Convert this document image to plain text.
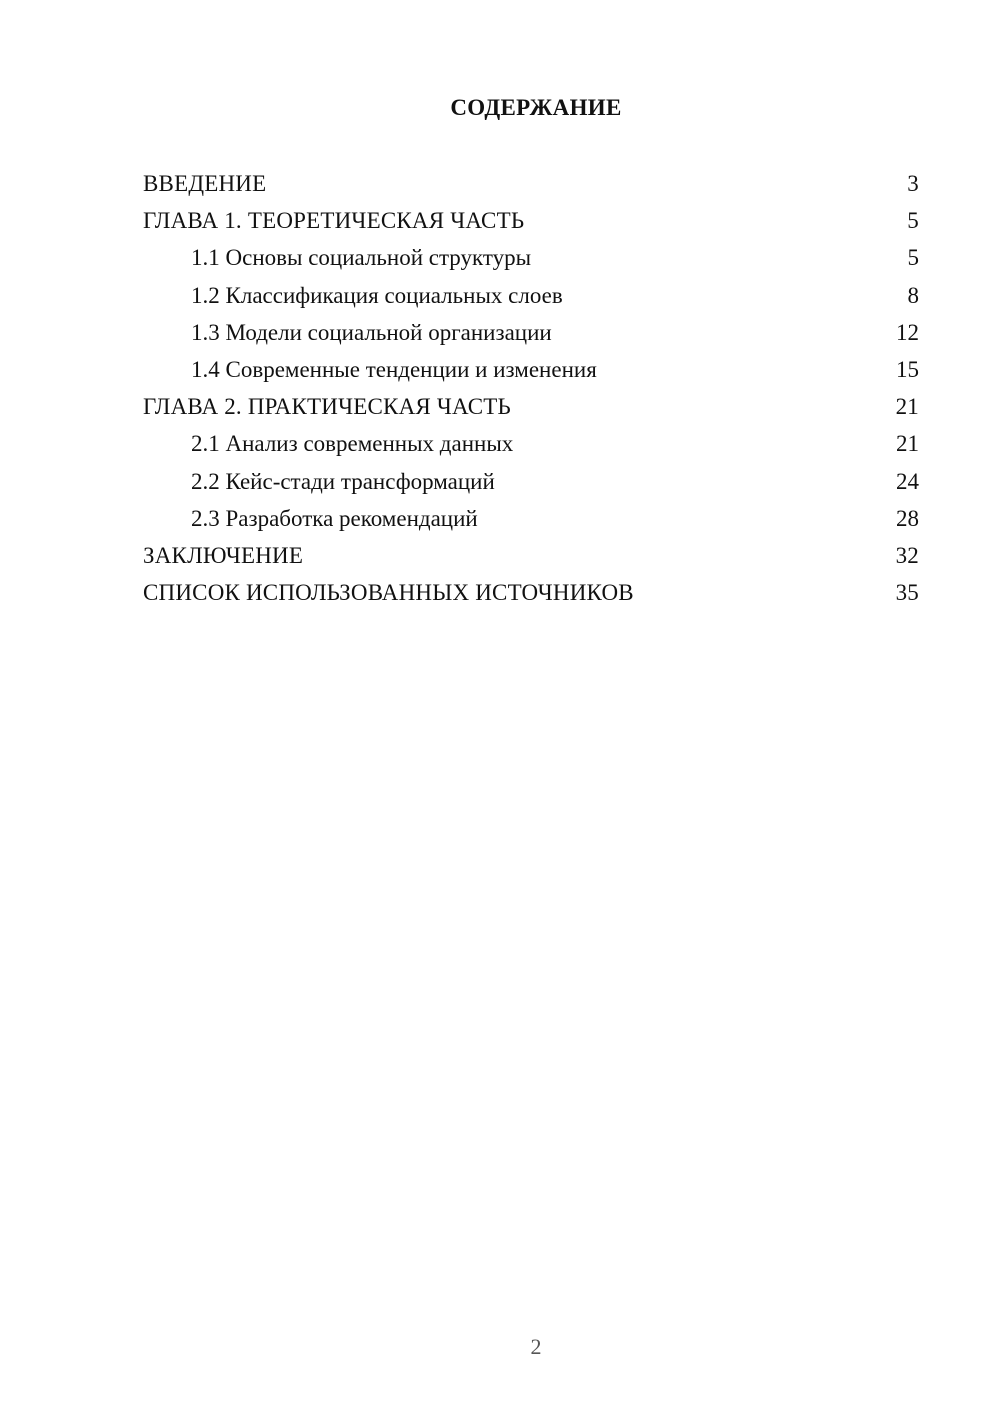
СОДЕРЖАНИЕ
ВВЕДЕНИЕ	3
ГЛАВА 1. ТЕОРЕТИЧЕСКАЯ ЧАСТЬ	5
1.1 Основы социальной структуры	5
1.2 Классификация социальных слоев	8
1.3 Модели социальной организации	12
1.4 Современные тенденции и изменения	15
ГЛАВА 2. ПРАКТИЧЕСКАЯ ЧАСТЬ	21
2.1 Анализ современных данных	21
2.2 Кейс-стади трансформаций	24
2.3 Разработка рекомендаций	28
ЗАКЛЮЧЕНИЕ	32
СПИСОК ИСПОЛЬЗОВАННЫХ ИСТОЧНИКОВ	35
2
